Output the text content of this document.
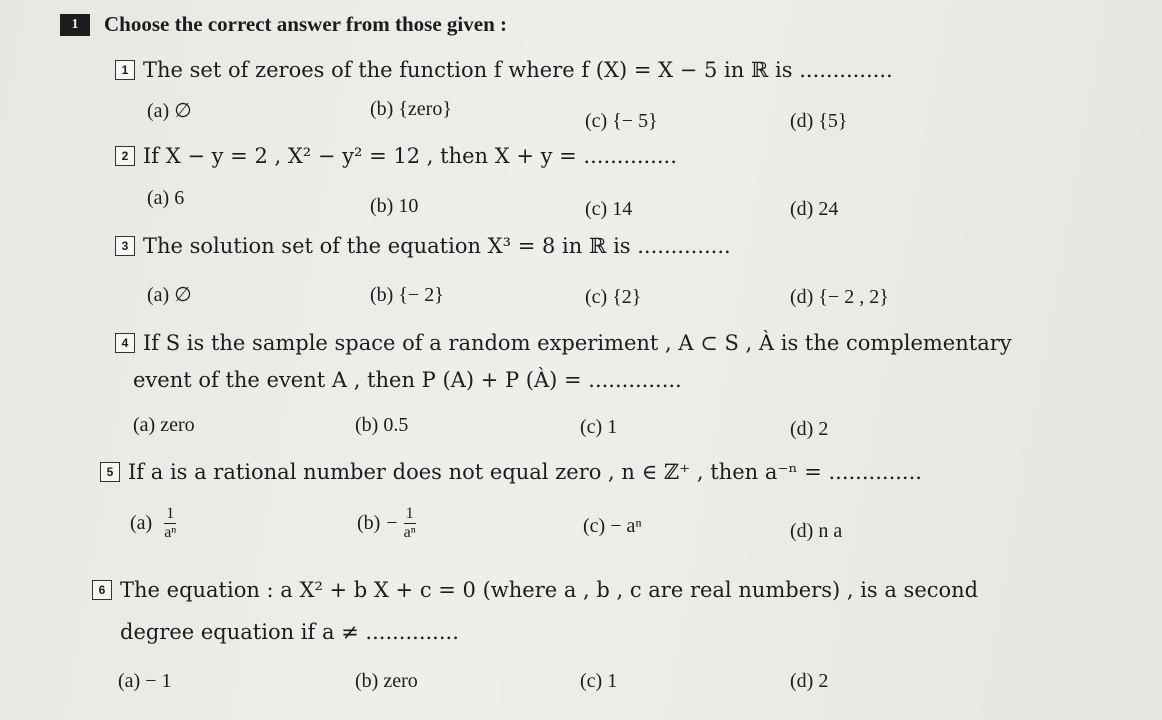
1	Choose the correct answer from those given :
1 The set of zeroes of the function f where f (X) = X − 5 in ℝ is ..............
(a) ∅	(b) {zero}
(c) {− 5}	(d) {5}
2 If X − y = 2 , X² − y² = 12 , then X + y = ..............
(a) 6	(b) 10	(c) 14	(d) 24
3 The solution set of the equation X³ = 8 in ℝ is ..............
(a) ∅	(b) {− 2}	(c) {2}	(d) {− 2 , 2}
4 If S is the sample space of a random experiment , A ⊂ S , À is the complementary
event of the event A , then P (A) + P (À) = ..............
(a) zero	(b) 0.5	(c) 1	(d) 2
5 If a is a rational number does not equal zero , n ∈ ℤ⁺ , then a⁻ⁿ = ..............
$(a) \frac{1}{\text{aⁿ}}$	$(b) - \frac{1}{\text{aⁿ}}$	(c) − aⁿ	(d) n a
6 The equation : a X² + b X + c = 0 (where a , b , c are real numbers) , is a second
degree equation if a ≠ ..............
(a) − 1	(b) zero	(c) 1	(d) 2
